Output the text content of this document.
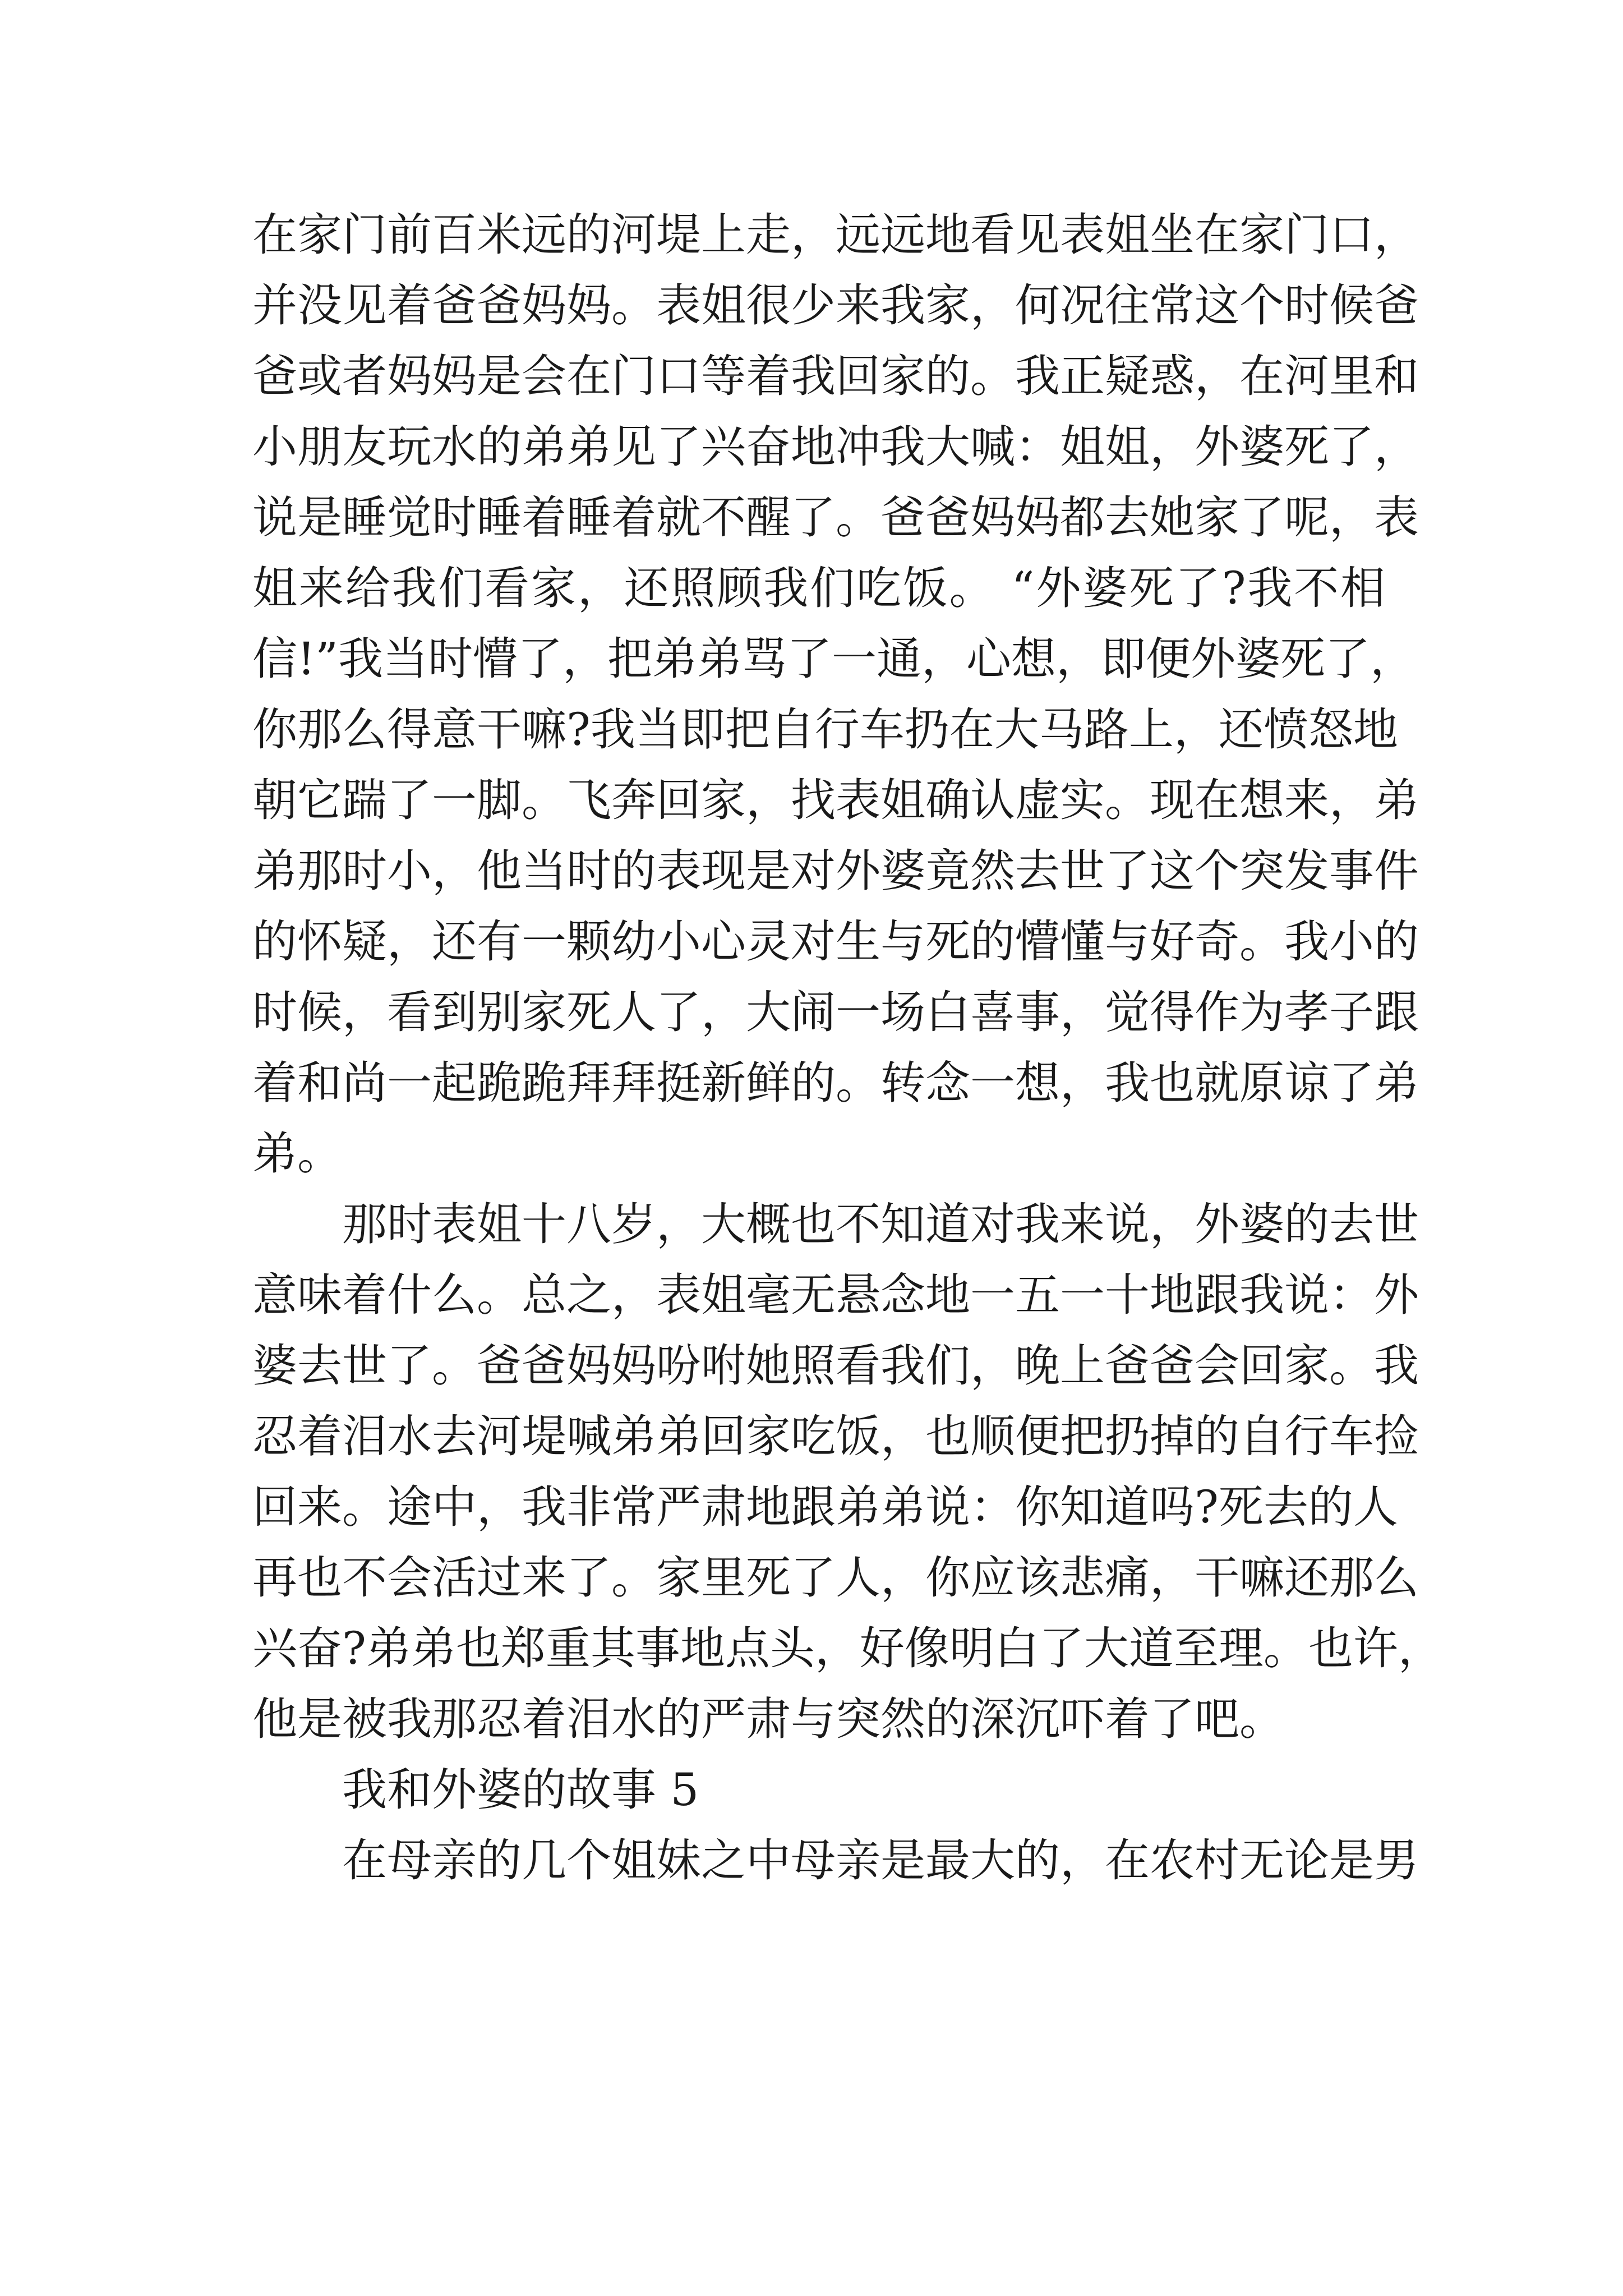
在家门前百米远的河堤上走，远远地看见表姐坐在家门口，

并没见着爸爸妈妈。表姐很少来我家，何况往常这个时候爸

爸或者妈妈是会在门口等着我回家的。我正疑惑，在河里和

小朋友玩水的弟弟见了兴奋地冲我大喊：姐姐，外婆死了，

说是睡觉时睡着睡着就不醒了。爸爸妈妈都去她家了呢，表

姐来给我们看家，还照顾我们吃饭。 “外婆死了?我不相

信!”我当时懵了，把弟弟骂了一通，心想，即便外婆死了，

你那么得意干嘛?我当即把自行车扔在大马路上，还愤怒地

朝它踹了一脚。飞奔回家，找表姐确认虚实。现在想来，弟

弟那时小，他当时的表现是对外婆竟然去世了这个突发事件

的怀疑，还有一颗幼小心灵对生与死的懵懂与好奇。我小的

时候，看到别家死人了，大闹一场白喜事，觉得作为孝子跟

着和尚一起跪跪拜拜挺新鲜的。转念一想，我也就原谅了弟

弟。

那时表姐十八岁，大概也不知道对我来说，外婆的去世

意味着什么。总之，表姐毫无悬念地一五一十地跟我说：外

婆去世了。爸爸妈妈吩咐她照看我们，晚上爸爸会回家。我

忍着泪水去河堤喊弟弟回家吃饭，也顺便把扔掉的自行车捡

回来。途中，我非常严肃地跟弟弟说：你知道吗?死去的人

再也不会活过来了。家里死了人，你应该悲痛，干嘛还那么

兴奋?弟弟也郑重其事地点头，好像明白了大道至理。也许，

他是被我那忍着泪水的严肃与突然的深沉吓着了吧。

我和外婆的故事 5

在母亲的几个姐妹之中母亲是最大的，在农村无论是男
